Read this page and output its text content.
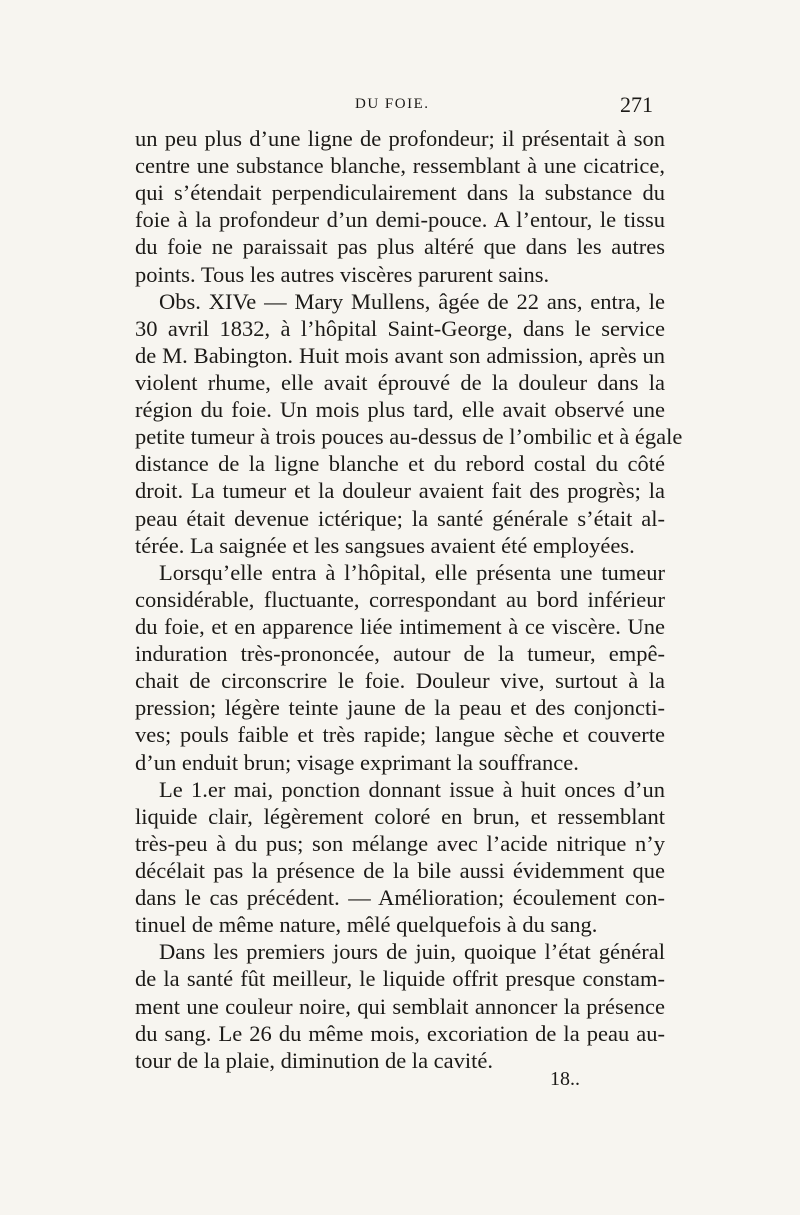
DU FOIE.	271
un peu plus d’une ligne de profondeur; il présentait à son
centre une substance blanche, ressemblant à une cicatrice,
qui s’étendait perpendiculairement dans la substance du
foie à la profondeur d’un demi-pouce. A l’entour, le tissu
du foie ne paraissait pas plus altéré que dans les autres
points. Tous les autres viscères parurent sains.
Obs. XIVe — Mary Mullens, âgée de 22 ans, entra, le
30 avril 1832, à l’hôpital Saint-George, dans le service
de M. Babington. Huit mois avant son admission, après un
violent rhume, elle avait éprouvé de la douleur dans la
région du foie. Un mois plus tard, elle avait observé une
petite tumeur à trois pouces au-dessus de l’ombilic et à égale
distance de la ligne blanche et du rebord costal du côté
droit. La tumeur et la douleur avaient fait des progrès; la
peau était devenue ictérique; la santé générale s’était al-
térée. La saignée et les sangsues avaient été employées.
Lorsqu’elle entra à l’hôpital, elle présenta une tumeur
considérable, fluctuante, correspondant au bord inférieur
du foie, et en apparence liée intimement à ce viscère. Une
induration très-prononcée, autour de la tumeur, empê-
chait de circonscrire le foie. Douleur vive, surtout à la
pression; légère teinte jaune de la peau et des conjoncti-
ves; pouls faible et très rapide; langue sèche et couverte
d’un enduit brun; visage exprimant la souffrance.
Le 1.er mai, ponction donnant issue à huit onces d’un
liquide clair, légèrement coloré en brun, et ressemblant
très-peu à du pus; son mélange avec l’acide nitrique n’y
décélait pas la présence de la bile aussi évidemment que
dans le cas précédent. — Amélioration; écoulement con-
tinuel de même nature, mêlé quelquefois à du sang.
Dans les premiers jours de juin, quoique l’état général
de la santé fût meilleur, le liquide offrit presque constam-
ment une couleur noire, qui semblait annoncer la présence
du sang. Le 26 du même mois, excoriation de la peau au-
tour de la plaie, diminution de la cavité.
18..
